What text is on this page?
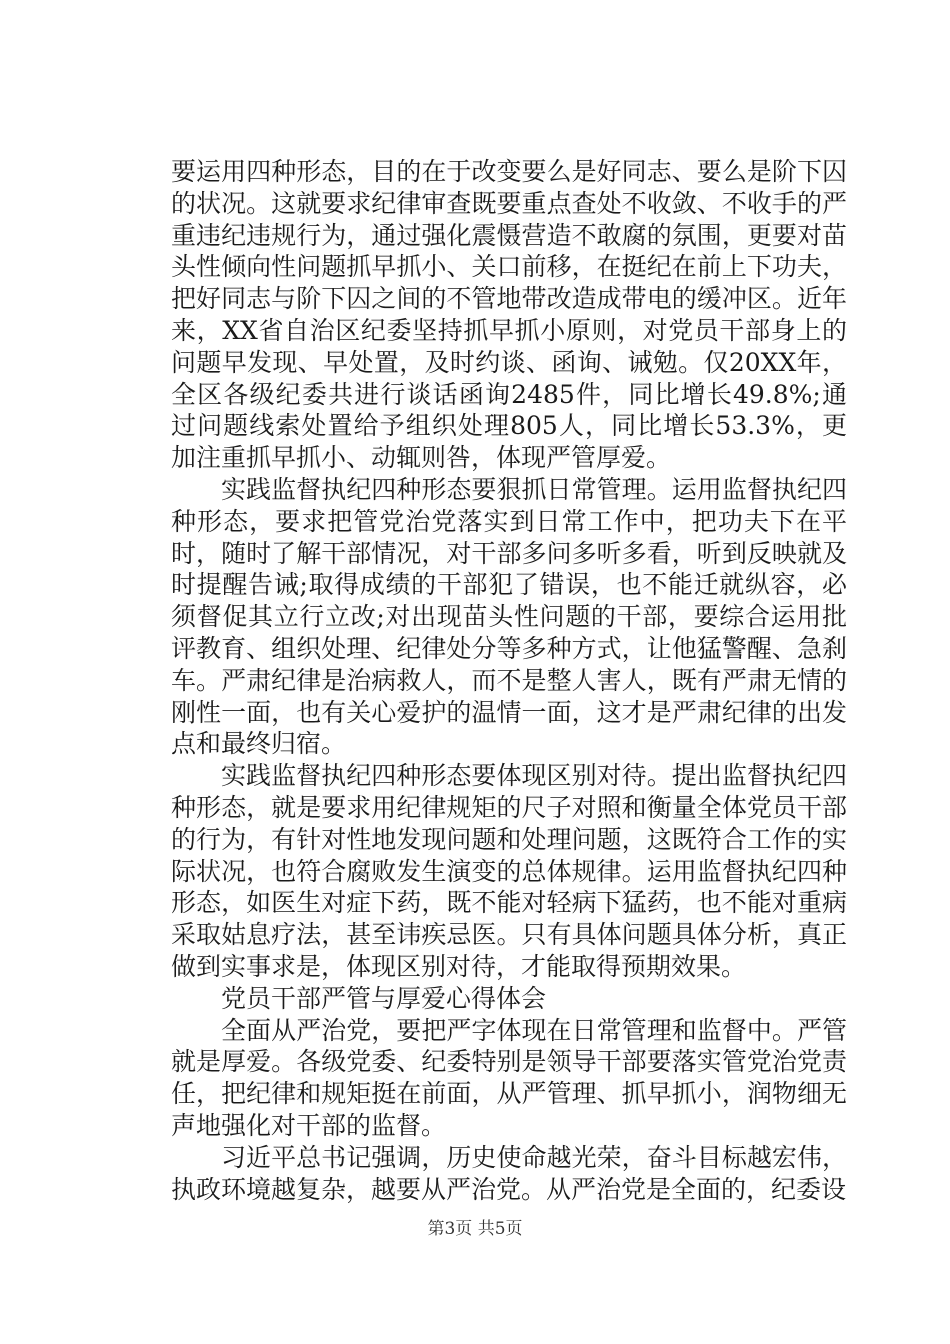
要运用四种形态，目的在于改变要么是好同志、要么是阶下囚的状况。这就要求纪律审查既要重点查处不收敛、不收手的严重违纪违规行为，通过强化震慑营造不敢腐的氛围，更要对苗头性倾向性问题抓早抓小、关口前移，在挺纪在前上下功夫，把好同志与阶下囚之间的不管地带改造成带电的缓冲区。近年来，XX省自治区纪委坚持抓早抓小原则，对党员干部身上的问题早发现、早处置，及时约谈、函询、诫勉。仅20XX年，全区各级纪委共进行谈话函询2485件，同比增长49.8%;通过问题线索处置给予组织处理805人，同比增长53.3%，更加注重抓早抓小、动辄则咎，体现严管厚爱。

实践监督执纪四种形态要狠抓日常管理。运用监督执纪四种形态，要求把管党治党落实到日常工作中，把功夫下在平时，随时了解干部情况，对干部多问多听多看，听到反映就及时提醒告诫;取得成绩的干部犯了错误，也不能迁就纵容，必须督促其立行立改;对出现苗头性问题的干部，要综合运用批评教育、组织处理、纪律处分等多种方式，让他猛警醒、急刹车。严肃纪律是治病救人，而不是整人害人，既有严肃无情的刚性一面，也有关心爱护的温情一面，这才是严肃纪律的出发点和最终归宿。

实践监督执纪四种形态要体现区别对待。提出监督执纪四种形态，就是要求用纪律规矩的尺子对照和衡量全体党员干部的行为，有针对性地发现问题和处理问题，这既符合工作的实际状况，也符合腐败发生演变的总体规律。运用监督执纪四种形态，如医生对症下药，既不能对轻病下猛药，也不能对重病采取姑息疗法，甚至讳疾忌医。只有具体问题具体分析，真正做到实事求是，体现区别对待，才能取得预期效果。

党员干部严管与厚爱心得体会

全面从严治党，要把严字体现在日常管理和监督中。严管就是厚爱。各级党委、纪委特别是领导干部要落实管党治党责任，把纪律和规矩挺在前面，从严管理、抓早抓小，润物细无声地强化对干部的监督。

习近平总书记强调，历史使命越光荣，奋斗目标越宏伟，执政环境越复杂，越要从严治党。从严治党是全面的，纪委设

第3页 共5页
